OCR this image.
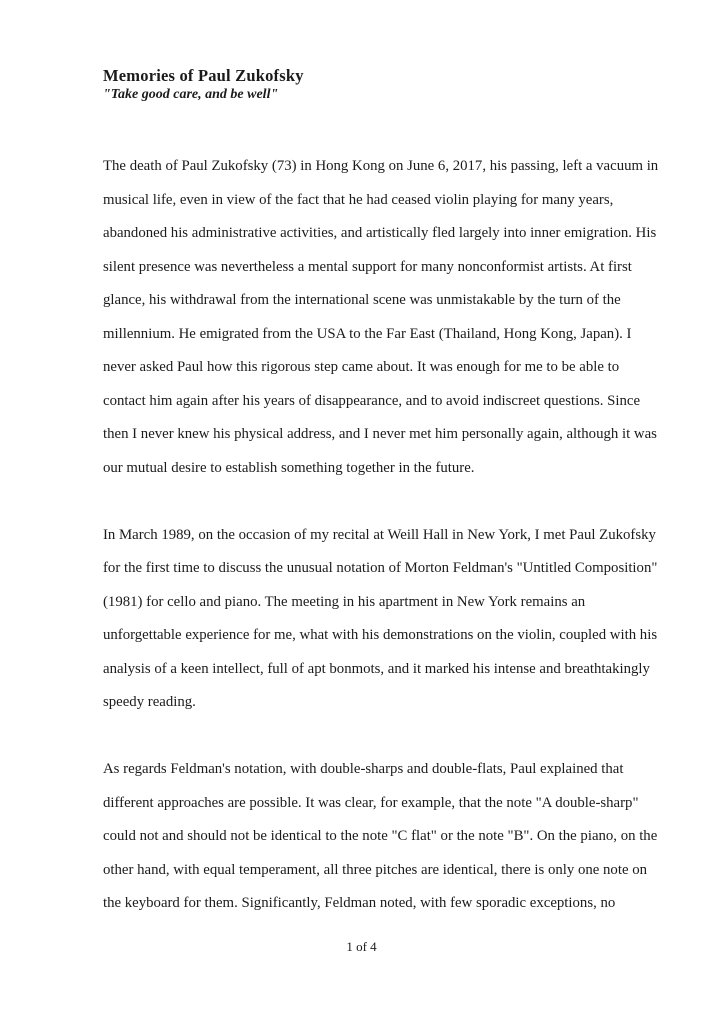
Memories of Paul Zukofsky
"Take good care, and be well"

The death of Paul Zukofsky (73) in Hong Kong on June 6, 2017, his passing, left a vacuum in
musical life, even in view of the fact that he had ceased violin playing for many years,
abandoned his administrative activities, and artistically fled largely into inner emigration. His
silent presence was nevertheless a mental support for many nonconformist artists. At first
glance, his withdrawal from the international scene was unmistakable by the turn of the
millennium. He emigrated from the USA to the Far East (Thailand, Hong Kong, Japan). I
never asked Paul how this rigorous step came about. It was enough for me to be able to
contact him again after his years of disappearance, and to avoid indiscreet questions. Since
then I never knew his physical address, and I never met him personally again, although it was
our mutual desire to establish something together in the future.

In March 1989, on the occasion of my recital at Weill Hall in New York, I met Paul Zukofsky
for the first time to discuss the unusual notation of Morton Feldman's "Untitled Composition"
(1981) for cello and piano. The meeting in his apartment in New York remains an
unforgettable experience for me, what with his demonstrations on the violin, coupled with his
analysis of a keen intellect, full of apt bonmots, and it marked his intense and breathtakingly
speedy reading.

As regards Feldman's notation, with double-sharps and double-flats, Paul explained that
different approaches are possible. It was clear, for example, that the note "A double-sharp"
could not and should not be identical to the note "C flat" or the note "B". On the piano, on the
other hand, with equal temperament, all three pitches are identical, there is only one note on
the keyboard for them. Significantly, Feldman noted, with few sporadic exceptions, no

1 of 4
